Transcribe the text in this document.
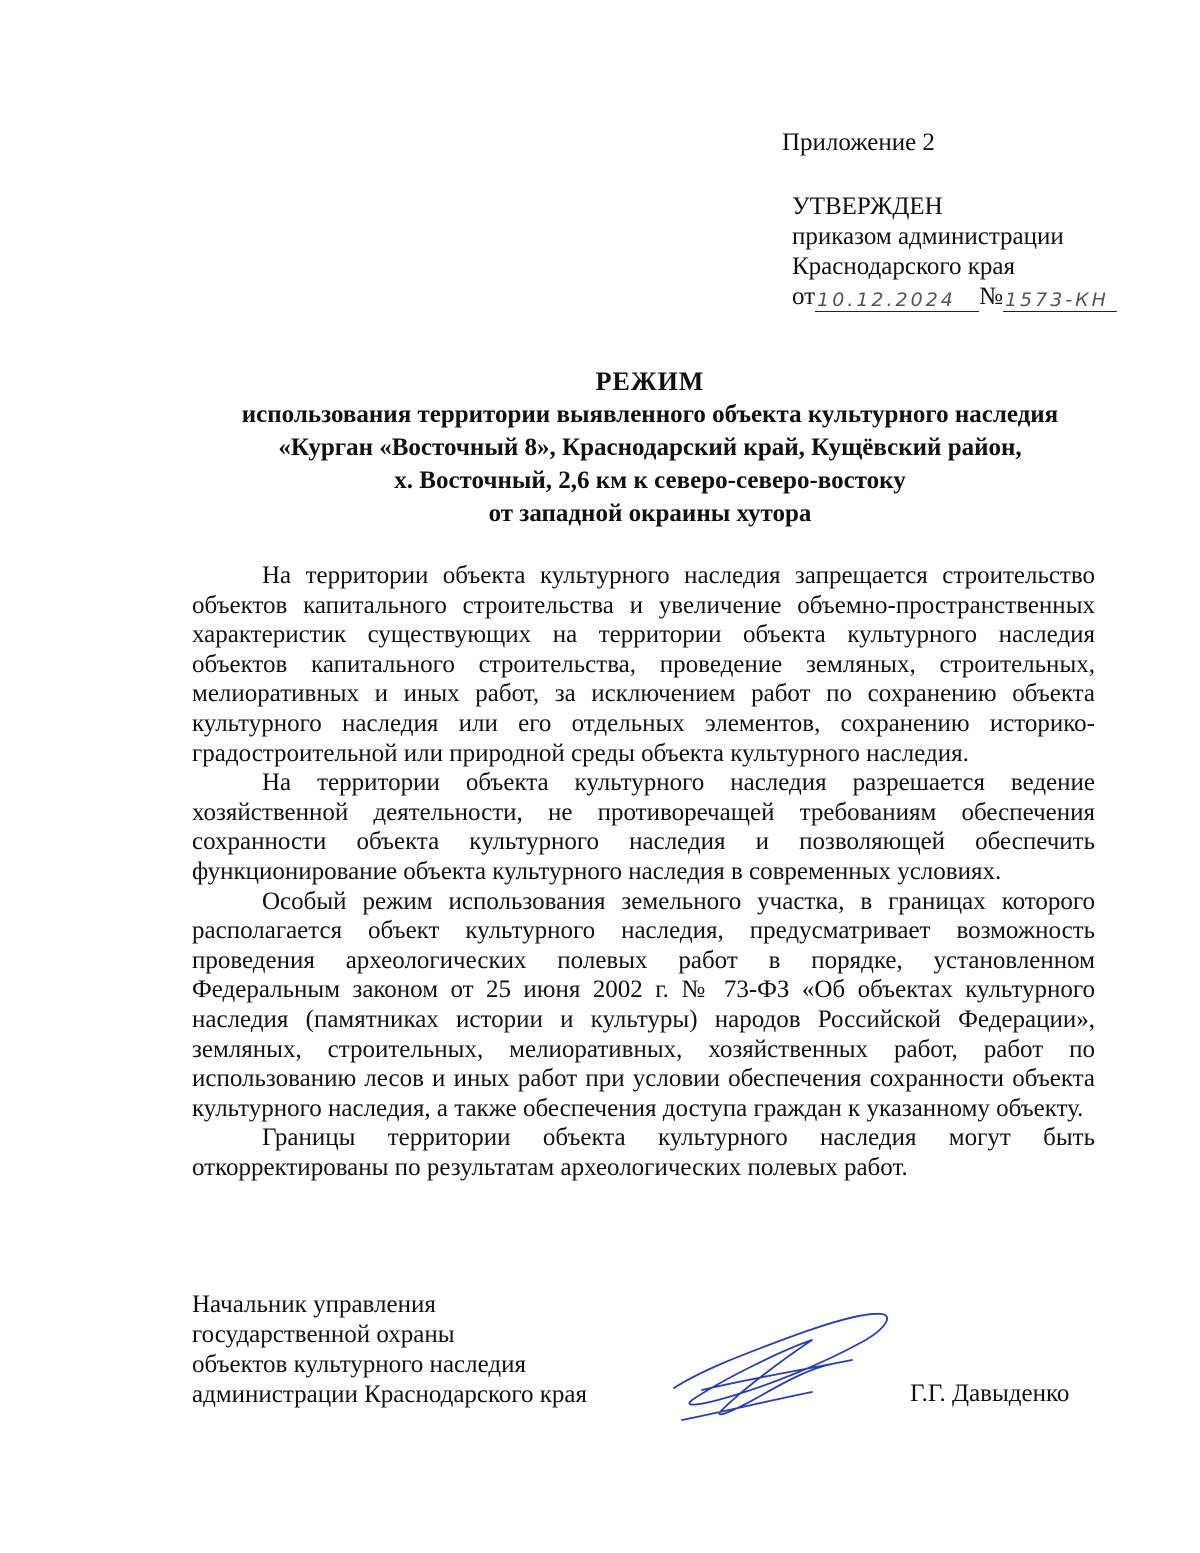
Приложение 2
УТВЕРЖДЕН
приказом администрации
Краснодарского края
от 10.12.2024 № 1573-КН
РЕЖИМ
использования территории выявленного объекта культурного наследия
«Курган «Восточный 8», Краснодарский край, Кущёвский район,
х. Восточный, 2,6 км к северо-северо-востоку
от западной окраины хутора

На территории объекта культурного наследия запрещается строительство объектов капитального строительства и увеличение объемно-пространственных характеристик существующих на территории объекта культурного наследия объектов капитального строительства, проведение земляных, строительных, мелиоративных и иных работ, за исключением работ по сохранению объекта культурного наследия или его отдельных элементов, сохранению историко-градостроительной или природной среды объекта культурного наследия.

На территории объекта культурного наследия разрешается ведение хозяйственной деятельности, не противоречащей требованиям обеспечения сохранности объекта культурного наследия и позволяющей обеспечить функционирование объекта культурного наследия в современных условиях.

Особый режим использования земельного участка, в границах которого располагается объект культурного наследия, предусматривает возможность проведения археологических полевых работ в порядке, установленном Федеральным законом от 25 июня 2002 г. № 73-ФЗ «Об объектах культурного наследия (памятниках истории и культуры) народов Российской Федерации», земляных, строительных, мелиоративных, хозяйственных работ, работ по использованию лесов и иных работ при условии обеспечения сохранности объекта культурного наследия, а также обеспечения доступа граждан к указанному объекту.

Границы территории объекта культурного наследия могут быть откорректированы по результатам археологических полевых работ.

Начальник управления
государственной охраны
объектов культурного наследия
администрации Краснодарского края	Г.Г. Давыденко
